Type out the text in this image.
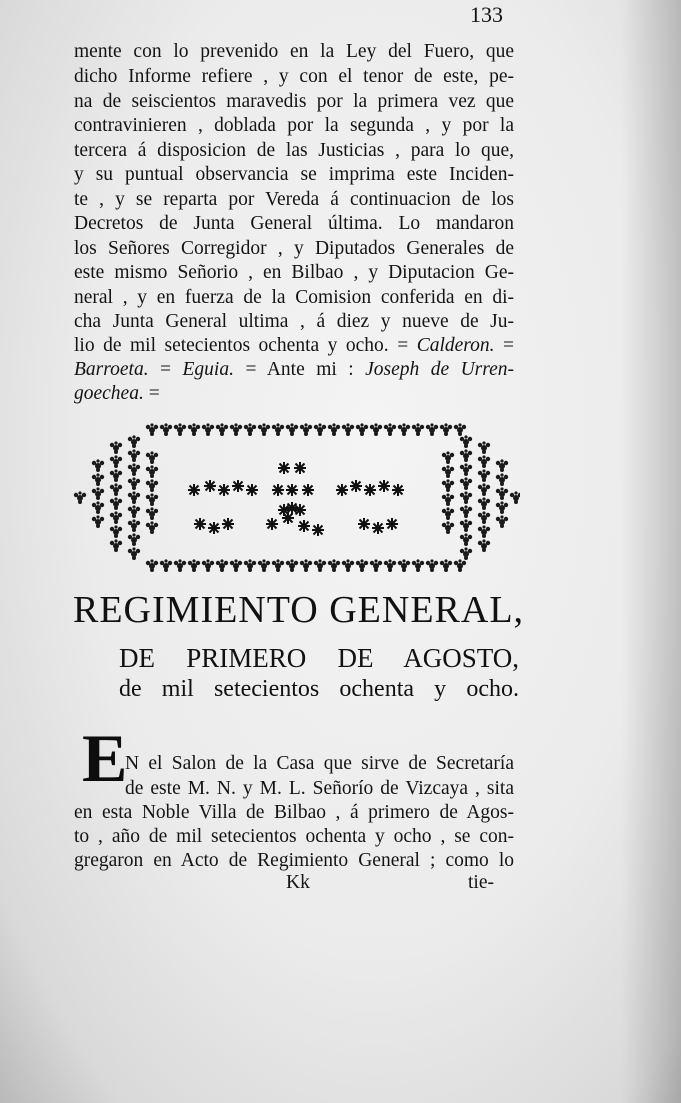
133

mente con lo prevenido en la Ley del Fuero, que

dicho Informe refiere , y con el tenor de este, pe-

na de seiscientos maravedis por la primera vez que

contravinieren , doblada por la segunda , y por la

tercera á disposicion de las Justicias , para lo que,

y su puntual observancia se imprima este Inciden-

te , y se reparta por Vereda á continuacion de los

Decretos de Junta General última. Lo mandaron

los Señores Corregidor , y Diputados Generales de

este mismo Señorio , en Bilbao , y Diputacion Ge-

neral , y en fuerza de la Comision conferida en di-

cha Junta General ultima , á diez y nueve de Ju-

lio de mil setecientos ochenta y ocho. = Calderon. =

Barroeta. = Eguia. = Ante mi : Joseph de Urren-

goechea. =

REGIMIENTO GENERAL,
DE PRIMERO DE AGOSTO,
de mil setecientos ochenta y ocho.
E

N el Salon de la Casa que sirve de Secretaría

de este M. N. y M. L. Señorío de Vizcaya , sita

en esta Noble Villa de Bilbao , á primero de Agos-

to , año de mil setecientos ochenta y ocho , se con-

gregaron en Acto de Regimiento General ; como lo

Kk	tie-
